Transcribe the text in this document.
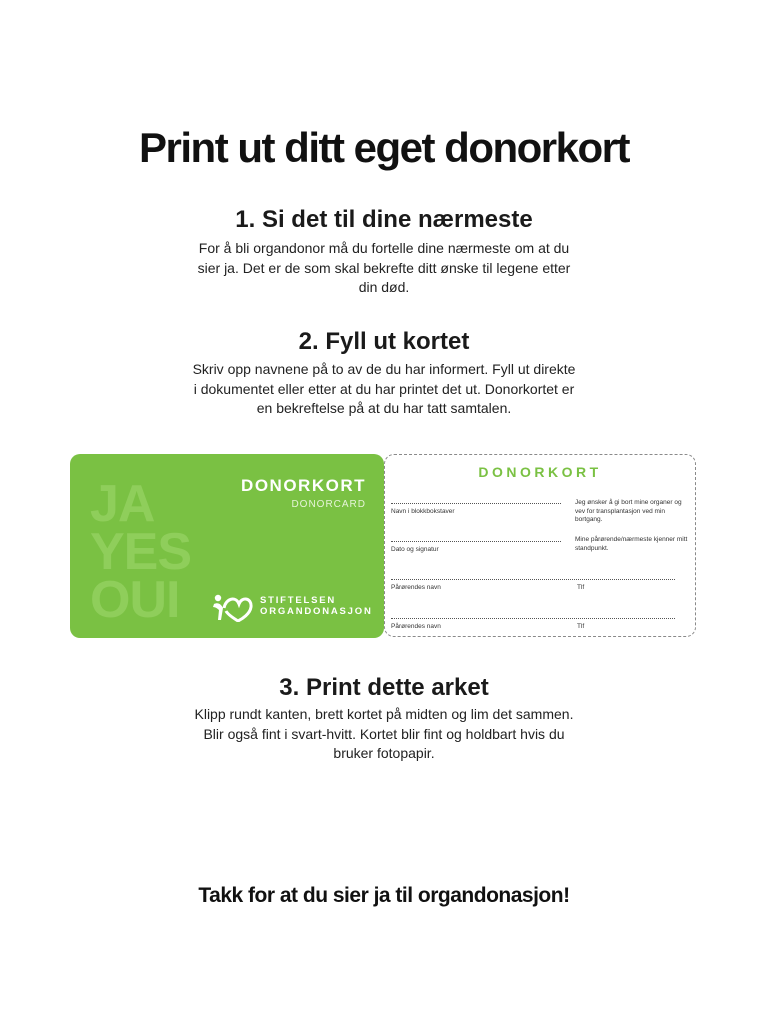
Print ut ditt eget donorkort
1. Si det til dine nærmeste

For å bli organdonor må du fortelle dine nærmeste om at du sier ja. Det er de som skal bekrefte ditt ønske til legene etter din død.

2. Fyll ut kortet

Skriv opp navnene på to av de du har informert. Fyll ut direkte i dokumentet eller etter at du har printet det ut. Donorkortet er en bekreftelse på at du har tatt samtalen.

JA
YES
OUI
DONORKORT
DONORCARD
STIFTELSEN
ORGANDONASJON
DONORKORT
Navn i blokkbokstaver
Dato og signatur
Jeg ønsker å gi bort mine organer og vev for transplantasjon ved min bortgang.
Mine pårørende/nærmeste kjenner mitt standpunkt.
Pårørendes navn	Tlf
Pårørendes navn	Tlf
3. Print dette arket

Klipp rundt kanten, brett kortet på midten og lim det sammen. Blir også fint i svart-hvitt. Kortet blir fint og holdbart hvis du bruker fotopapir.

Takk for at du sier ja til organdonasjon!
